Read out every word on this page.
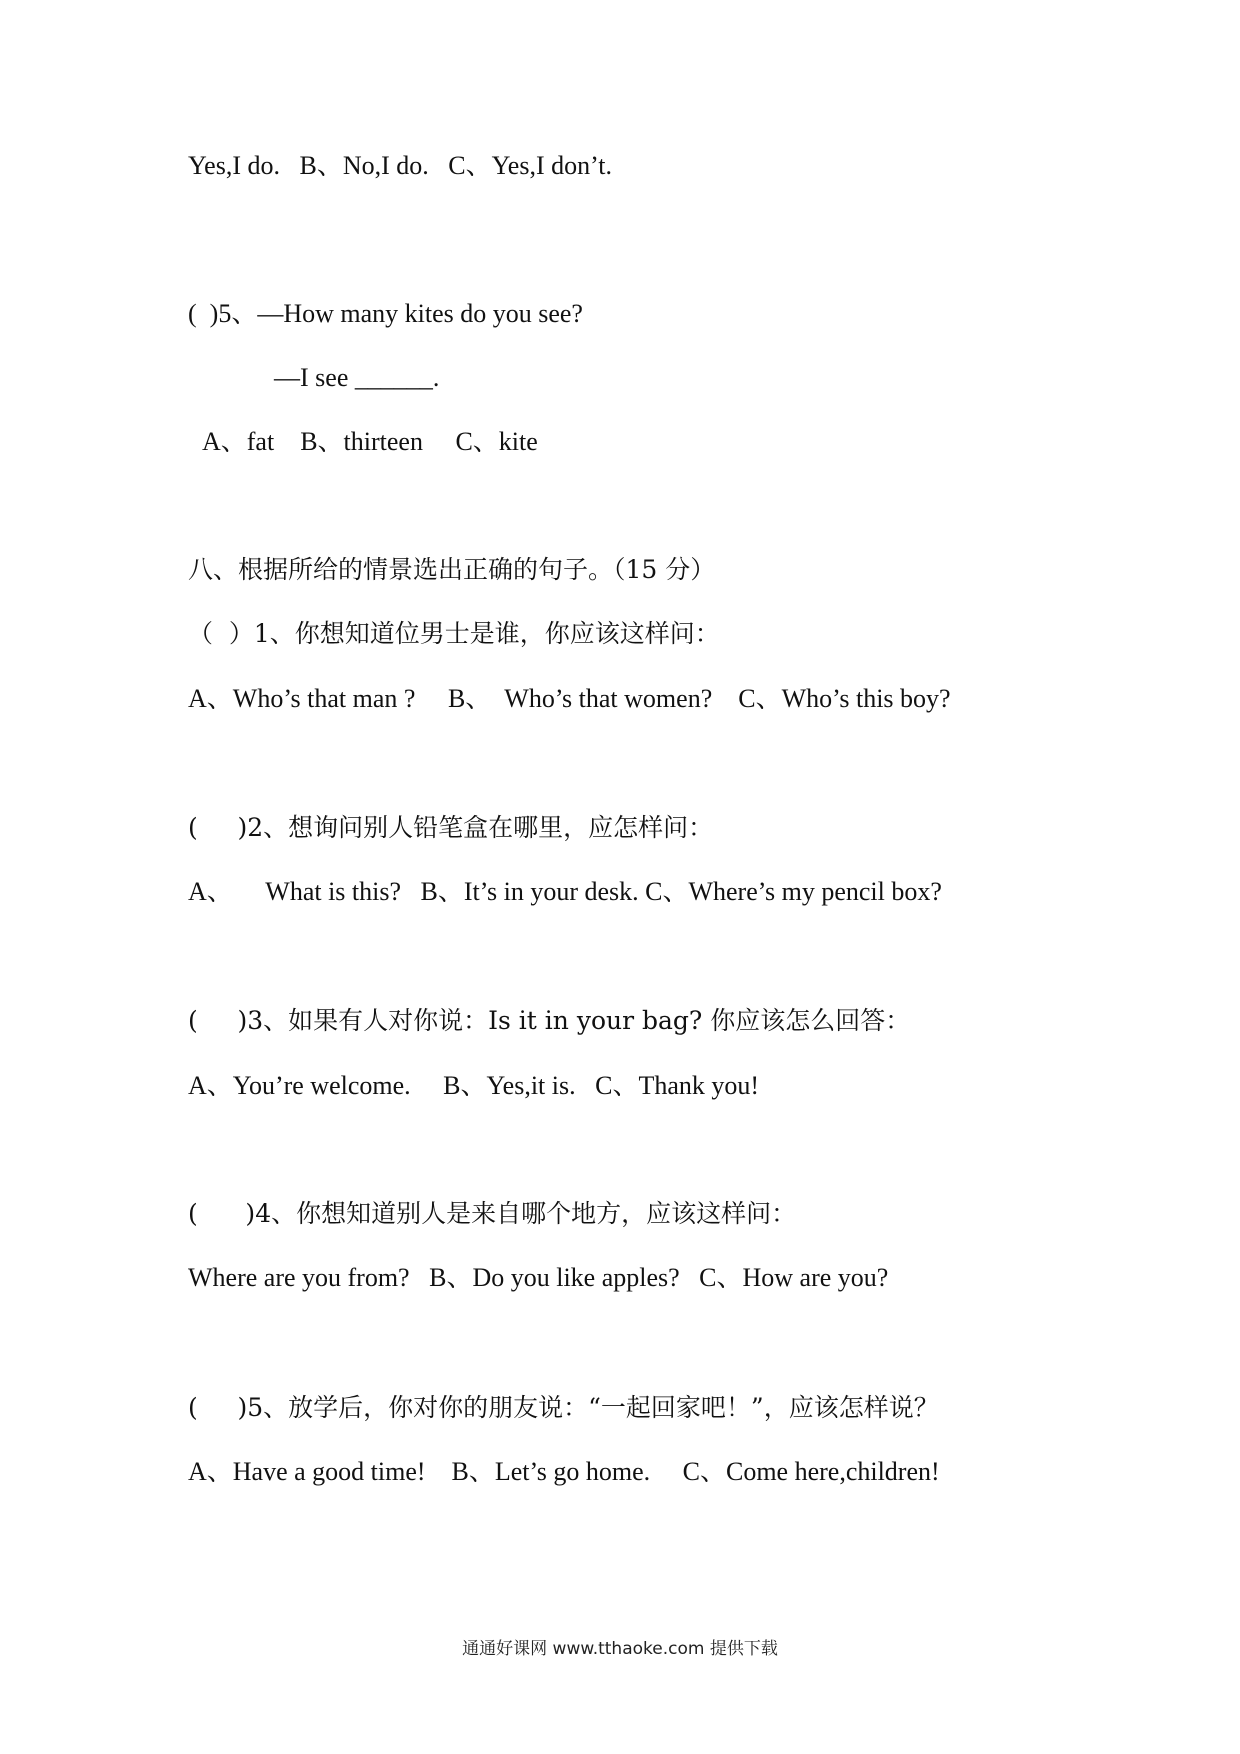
Yes,I do.   B、No,I do.   C、Yes,I don’t.
(  )5、—How many kites do you see?
—I see ______.
A、fat    B、thirteen     C、kite
八、根据所给的情景选出正确的句子。（15 分）
（  ）1、你想知道位男士是谁，你应该这样问：
A、Who’s that man ?     B、  Who’s that women?    C、Who’s this boy?
(     )2、想询问别人铅笔盒在哪里，应怎样问：
A、     What is this?   B、It’s in your desk. C、Where’s my pencil box?
(     )3、如果有人对你说：Is it in your bag? 你应该怎么回答：
A、You’re welcome.     B、Yes,it is.   C、Thank you!
(      )4、你想知道别人是来自哪个地方，应该这样问：
Where are you from?   B、Do you like apples?   C、How are you?
(     )5、放学后，你对你的朋友说：“一起回家吧！”，应该怎样说？
A、Have a good time!    B、Let’s go home.     C、Come here,children!
通通好课网 www.tthaoke.com 提供下载
